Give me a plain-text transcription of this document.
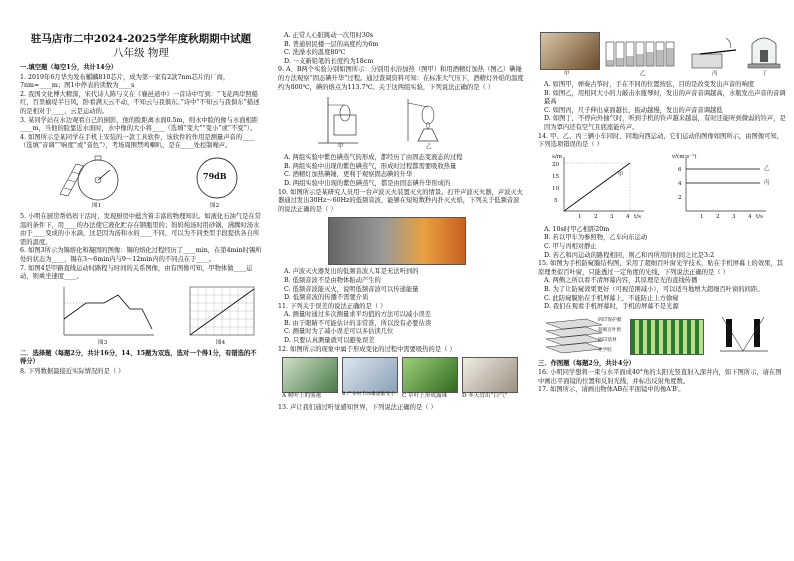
驻马店市二中2024-2025学年度秋期期中试题
八年级 物理
一.填空题（每空1分，共计14分）

1. 2019年6月华为发布麒麟810芯片，成为第一家有2款7nm芯片的厂商，7nm=____m；图1中停表的读数为____s

2. 我国文化博大精深，宋代诗人陈与义在《襄邑道中》一首诗中写到：“飞花两岸照船红，百里榆堤半日风，卧看满天云不动，不知云与我俱东。”诗中“不知云与我俱东”描述的是相对于____，云是运动的。

3. 某同学站在水边观看自己的倒影，他的脸距离水面0.5m，则水中脸的像与水面相距____m，当他的脸靠近水面时，水中像的大小将____（选填“变大”“变小”或“不变”）。

4. 如图所示是某同学在手机上安装的一款工具软件，该软件的作用是测量声音的____（选填“音调”“响度”或“音色”），考场周围禁鸣喇叭，是在____处控制噪声。

图1
79dB
图2

5. 小明在厨房帮妈妈干活时，发现厨房中蕴含着丰富的物理知识。如液化石油气是在常温的条件下，用____的办法使它液化贮存在钢瓶里的；妈妈炖汤时用砂锅，沸腾时汤水由于____变成的小水滴，这是因为汤和水的____不同，可以为不同类型手段提供各自所需的温度。

6. 如图3所示为锡熔化和凝固的图像：锡的熔化过程经历了____min，在第4min时锡所处的状态为____，锡在3～6min内与9～12min内的不同点在于____。

7. 如图4是甲路直线运动时路程与时间的关系图像，由有图像可知，甲物体做____运动，则乘坐速度____。

图3	图4
二．选择题（每题2分，共计16分，14、15题为双选，选对一个得1分，有错选的不得分）

8. 下列数据最接近实际情况的是（ ）

A. 正常人心脏跳动一次用时30s

B. 普通居民楼一层的高度约为6m

C. 洗澡水的温度80℃

D. 一支新铅笔的长度约为18cm

9. A、B两个实验分别如图所示：分别用水浴加热（图甲）和用酒精灯加热（图乙）碘锤的方法观察“固态碘升华”过程。通过查阅资料可知：在标准大气压下，酒精灯外焰的温度约为800℃，碘的熔点为113.7℃。关于这两组实验，下列说法正确的是（ ）

甲	乙

A. 两组实验中紫色碘蒸气的形成，都经历了由固态变液态的过程

B. 两组实验中出现的紫色碘蒸气，形成时过程都需要吸收热量

C. 酒精灯加热碘锤，更利于观察固态碘的升华

D. 两组实验中出现的紫色碘蒸气，都是由固态碘升华形成的

10. 如图所示是某研究人员用一台声波灭火装置灭火的情景。打开声波灭火器，声波灭火器通过发出30Hz～60Hz的低频音波，能够在短短数秒内扑灭火焰，下列关于低频音波的说法正确的是（ ）

A. 声波灭火器发出的低频音波人耳是无法听到的

B. 低频音波不是由物体振动产生的

C. 低频音波能灭火，说明低频音波可以传递能量

D. 低频音波的传播不需要介质

11. 下列关于误差的说法正确的是（ ）

A. 测量时通过多次测量求平均值的方法可以减小误差

B. 由于眼睛不可能估计的非常准，所以没有必要估读

C. 测量时为了减小误差可以多估读几位

D. 只要认真测量就可以避免误差

12. 如图所示的现象中属于形成变化的过程中需要吸热的是（ ）

A 树叶上的雾凇	B 严冬时节冰雕逐渐变小	C 草叶上形成露珠	D 冬天冒出“白气”

13. 声让我们通过听觉感知世界，下列说法正确的是（ ）

甲	乙	丙	丁

A. 如图甲，弹奏古筝时，手在不同的位置按弦，目的是改变发出声音的响度

B. 如图乙，用相同大小的力敲击水瓶琴时，发出的声音音调越高，水瓶发出声音的音调最高

C. 如图丙，尺子伸出桌面越长，振动越慢，发出的声音音调越低

D. 如图丁，不停向外抽气时，听到手机的铃声越来越弱，有时还能听到微弱的铃声，是因为罩内还有空气且底座能传声。

14. 甲、乙、丙三辆小车同时、同地向西运动，它们运动的图像如图所示，由图像可知，下列选项错误的是（ ）

s/m
t/s
20
15
10
5
1 2 3 4
甲
v/(m·s⁻¹)
t/s
6
4
2
1 2 3 4
乙
丙

A. 10s时甲乙相距20m

B. 若以甲车为参照物，乙车向东运动

C. 甲与丙相对静止

D. 若乙和丙运动的路程相同，则乙和丙所用的时间之比是3:2

15. 如图为手机防窥膜结构图，采用了超细百叶窗光学技术，贴在手机屏幕上的效果，其原理类似百叶窗，只能透过一定角度的光线，下列说法正确的是（ ）

A. 两侧之所以看不清屏幕内容，其原理是光的直线传播

B. 为了让防窥效果更好（可视范围减小），可以适当地增大超细百叶窗的间距。

C. 此防窥膜贴在手机屏幕上，不能防止上方偷窥

D. 我们在观看手机屏幕时，手机的屏幕不是光源

PET保护膜
超细百叶窗
PET基材
光学胶
三．作图题（每题2分，共计4分）

16. 小明同学想将一束与水平面成40°角的太阳光竖直射入深井内，如下图所示，请在图中画出平面镜的位置和反射光线，并标出反射角度数。

17. 如图所示，请画出物体AB在平面镜中的像A′B′。
